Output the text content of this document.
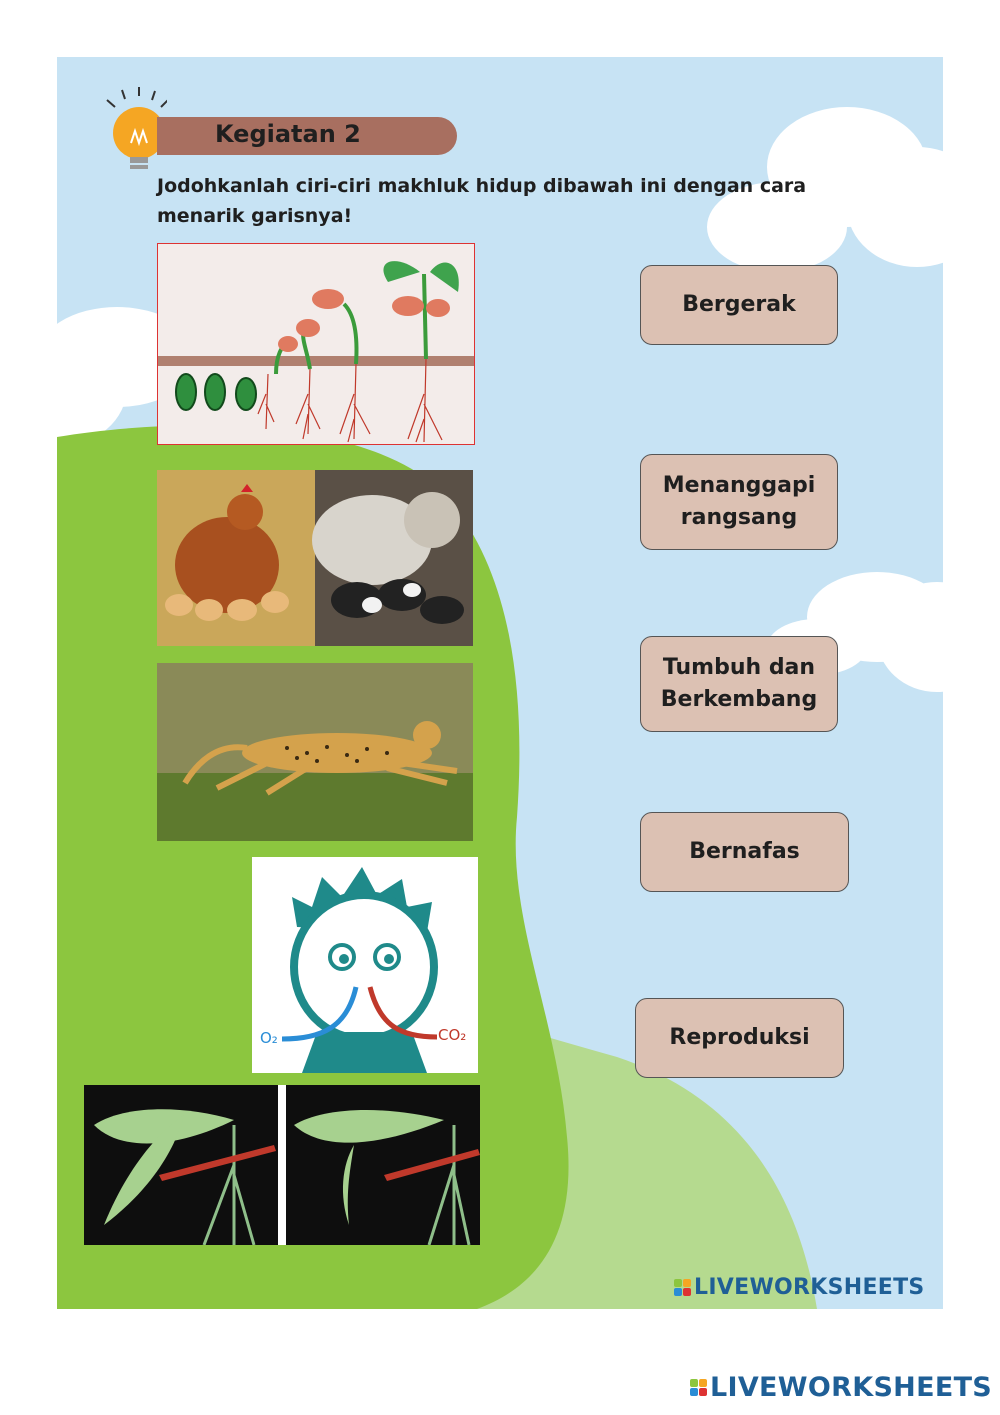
Kegiatan 2
Jodohkanlah ciri-ciri makhluk hidup dibawah ini dengan cara menarik garisnya!
O₂	CO₂
Bergerak
Menanggapi
rangsang
Tumbuh dan
Berkembang
Bernafas
Reproduksi
LIVEWORKSHEETS
LIVEWORKSHEETS
